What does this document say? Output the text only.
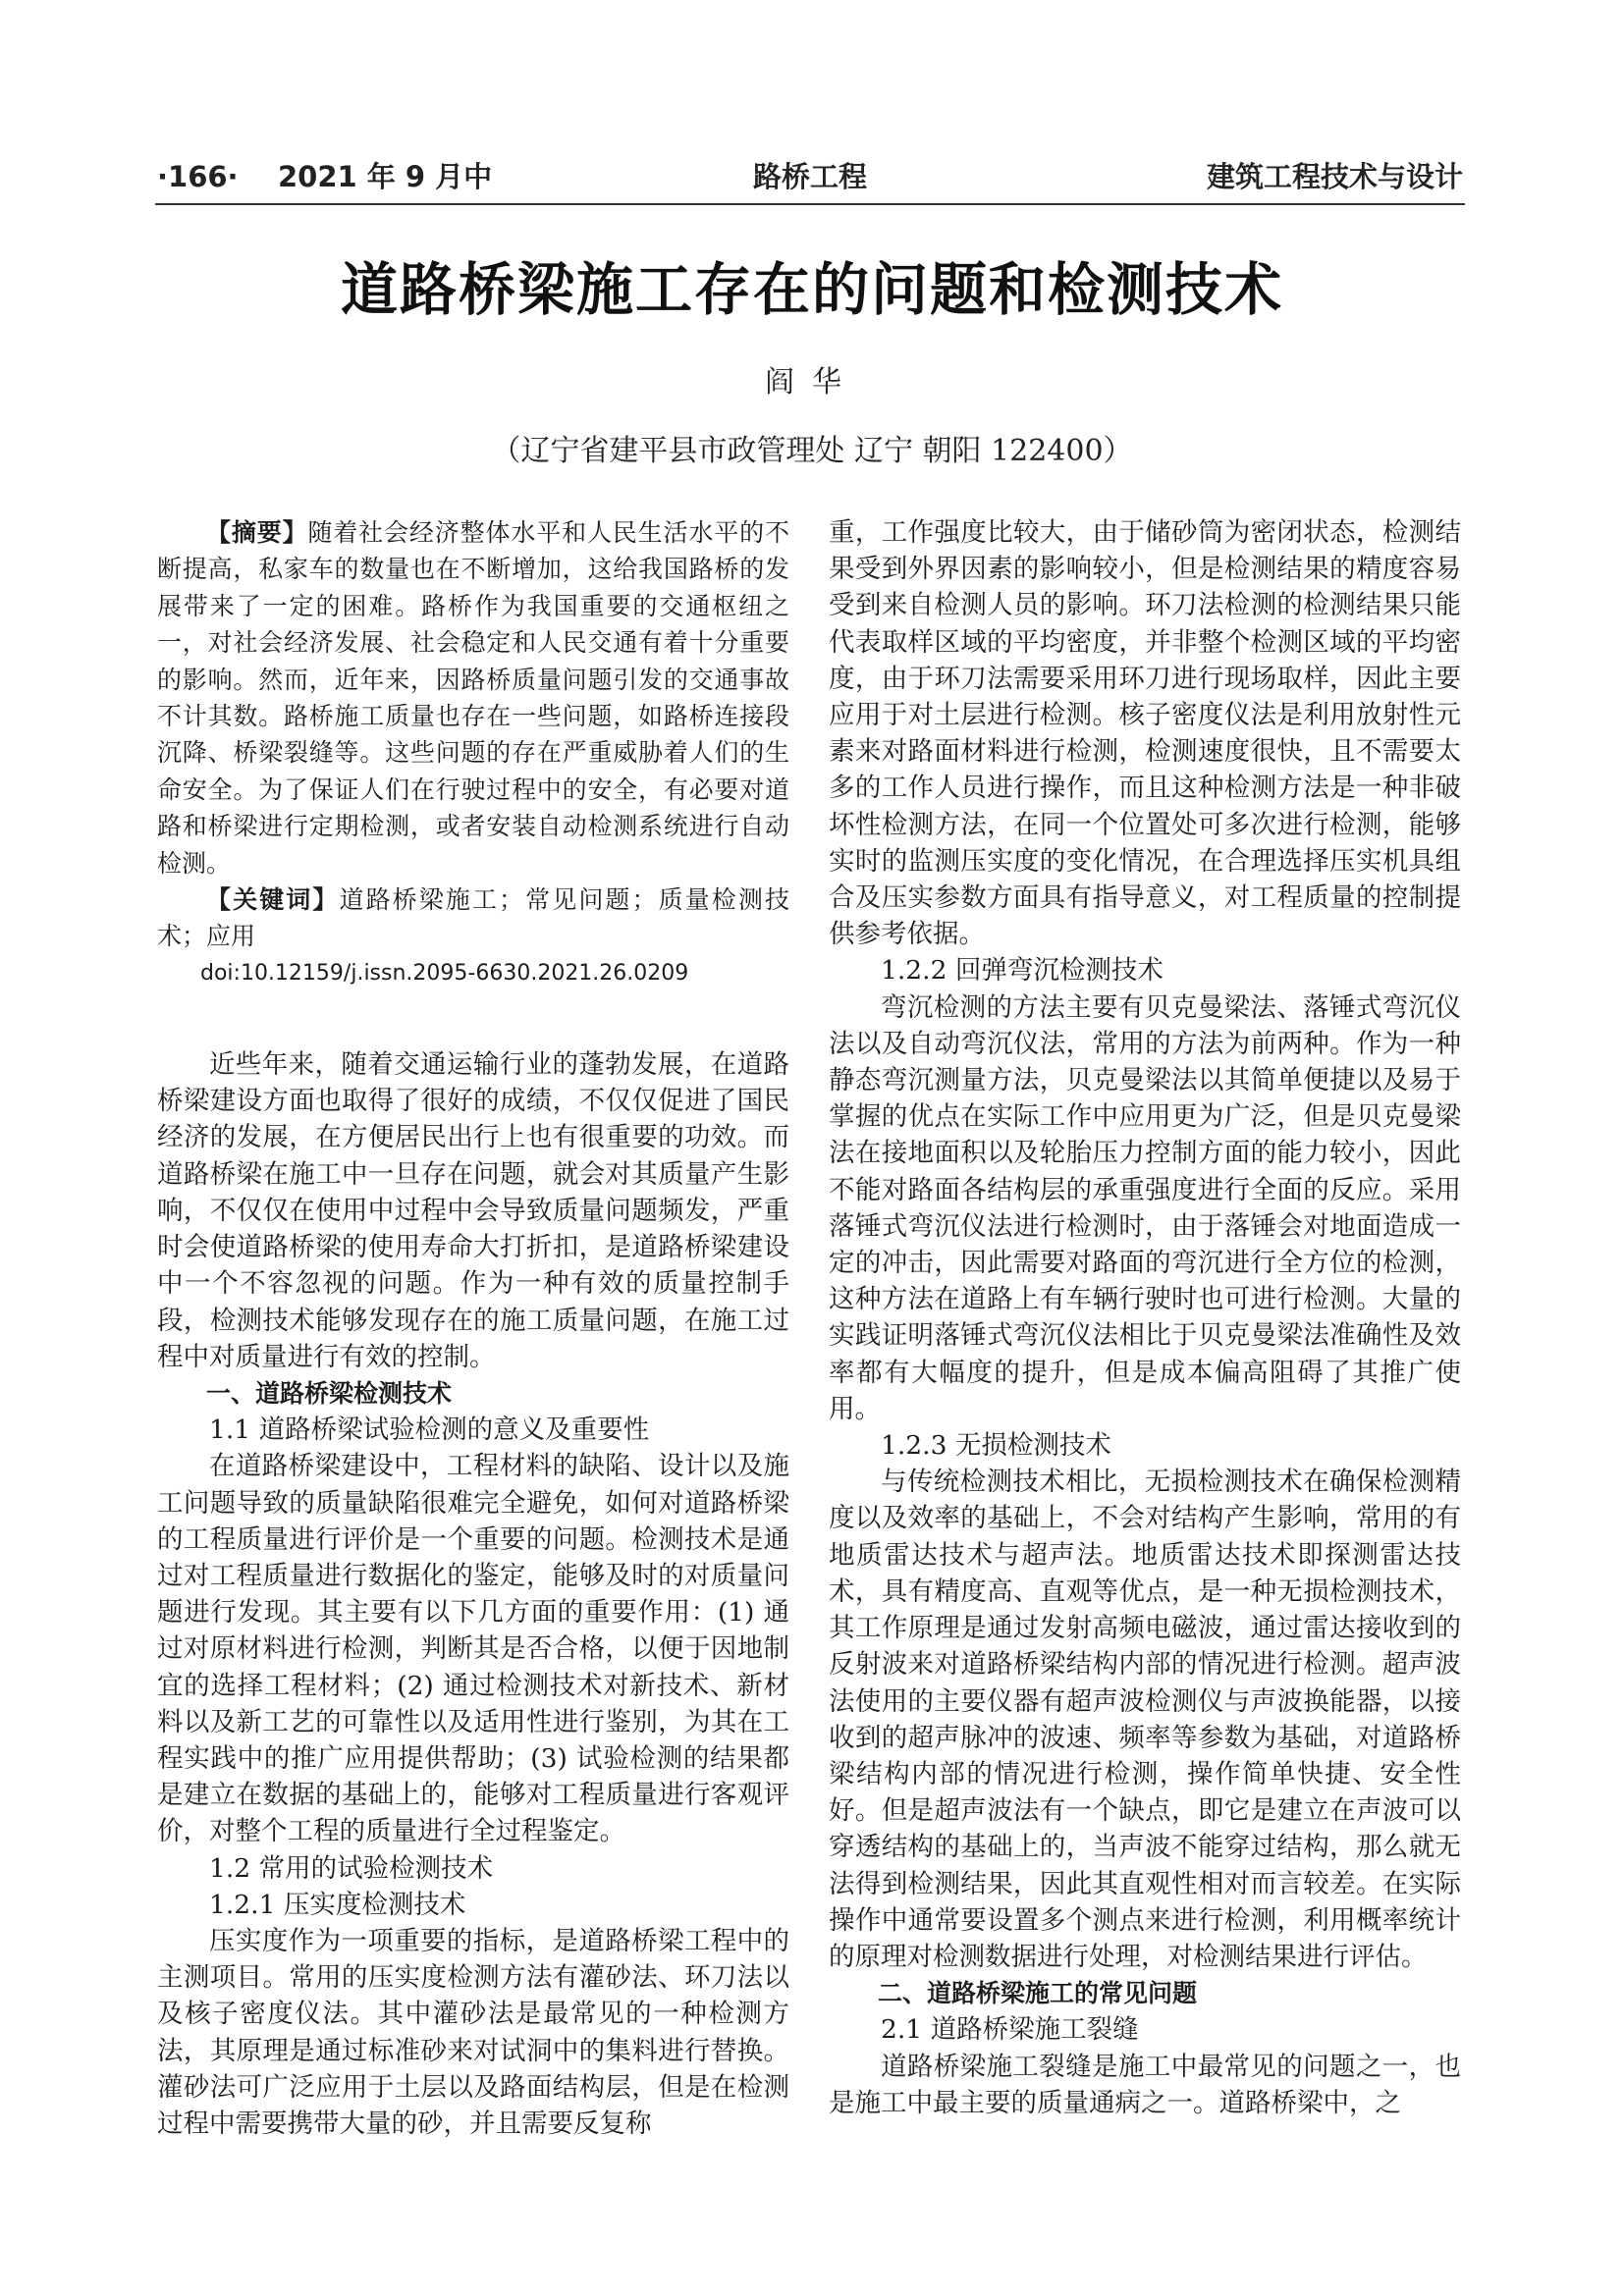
·166· 2021 年 9 月中	路桥工程	建筑工程技术与设计
道路桥梁施工存在的问题和检测技术
阎华
（辽宁省建平县市政管理处 辽宁 朝阳 122400）

【摘要】随着社会经济整体水平和人民生活水平的不断提高，私家车的数量也在不断增加，这给我国路桥的发展带来了一定的困难。路桥作为我国重要的交通枢纽之一，对社会经济发展、社会稳定和人民交通有着十分重要的影响。然而，近年来，因路桥质量问题引发的交通事故不计其数。路桥施工质量也存在一些问题，如路桥连接段沉降、桥梁裂缝等。这些问题的存在严重威胁着人们的生命安全。为了保证人们在行驶过程中的安全，有必要对道路和桥梁进行定期检测，或者安装自动检测系统进行自动检测。

【关键词】道路桥梁施工；常见问题；质量检测技术；应用

doi:10.12159/j.issn.2095-6630.2021.26.0209

近些年来，随着交通运输行业的蓬勃发展，在道路桥梁建设方面也取得了很好的成绩，不仅仅促进了国民经济的发展，在方便居民出行上也有很重要的功效。而道路桥梁在施工中一旦存在问题，就会对其质量产生影响，不仅仅在使用中过程中会导致质量问题频发，严重时会使道路桥梁的使用寿命大打折扣，是道路桥梁建设中一个不容忽视的问题。作为一种有效的质量控制手段，检测技术能够发现存在的施工质量问题，在施工过程中对质量进行有效的控制。

一、道路桥梁检测技术

1.1 道路桥梁试验检测的意义及重要性

在道路桥梁建设中，工程材料的缺陷、设计以及施工问题导致的质量缺陷很难完全避免，如何对道路桥梁的工程质量进行评价是一个重要的问题。检测技术是通过对工程质量进行数据化的鉴定，能够及时的对质量问题进行发现。其主要有以下几方面的重要作用：(1) 通过对原材料进行检测，判断其是否合格，以便于因地制宜的选择工程材料；(2) 通过检测技术对新技术、新材料以及新工艺的可靠性以及适用性进行鉴别，为其在工程实践中的推广应用提供帮助；(3) 试验检测的结果都是建立在数据的基础上的，能够对工程质量进行客观评价，对整个工程的质量进行全过程鉴定。

1.2 常用的试验检测技术

1.2.1 压实度检测技术

压实度作为一项重要的指标，是道路桥梁工程中的主测项目。常用的压实度检测方法有灌砂法、环刀法以及核子密度仪法。其中灌砂法是最常见的一种检测方法，其原理是通过标准砂来对试洞中的集料进行替换。灌砂法可广泛应用于土层以及路面结构层，但是在检测过程中需要携带大量的砂，并且需要反复称

重，工作强度比较大，由于储砂筒为密闭状态，检测结果受到外界因素的影响较小，但是检测结果的精度容易受到来自检测人员的影响。环刀法检测的检测结果只能代表取样区域的平均密度，并非整个检测区域的平均密度，由于环刀法需要采用环刀进行现场取样，因此主要应用于对土层进行检测。核子密度仪法是利用放射性元素来对路面材料进行检测，检测速度很快，且不需要太多的工作人员进行操作，而且这种检测方法是一种非破坏性检测方法，在同一个位置处可多次进行检测，能够实时的监测压实度的变化情况，在合理选择压实机具组合及压实参数方面具有指导意义，对工程质量的控制提供参考依据。

1.2.2 回弹弯沉检测技术

弯沉检测的方法主要有贝克曼梁法、落锤式弯沉仪法以及自动弯沉仪法，常用的方法为前两种。作为一种静态弯沉测量方法，贝克曼梁法以其简单便捷以及易于掌握的优点在实际工作中应用更为广泛，但是贝克曼梁法在接地面积以及轮胎压力控制方面的能力较小，因此不能对路面各结构层的承重强度进行全面的反应。采用落锤式弯沉仪法进行检测时，由于落锤会对地面造成一定的冲击，因此需要对路面的弯沉进行全方位的检测，这种方法在道路上有车辆行驶时也可进行检测。大量的实践证明落锤式弯沉仪法相比于贝克曼梁法准确性及效率都有大幅度的提升，但是成本偏高阻碍了其推广使用。

1.2.3 无损检测技术

与传统检测技术相比，无损检测技术在确保检测精度以及效率的基础上，不会对结构产生影响，常用的有地质雷达技术与超声法。地质雷达技术即探测雷达技术，具有精度高、直观等优点，是一种无损检测技术，其工作原理是通过发射高频电磁波，通过雷达接收到的反射波来对道路桥梁结构内部的情况进行检测。超声波法使用的主要仪器有超声波检测仪与声波换能器，以接收到的超声脉冲的波速、频率等参数为基础，对道路桥梁结构内部的情况进行检测，操作简单快捷、安全性好。但是超声波法有一个缺点，即它是建立在声波可以穿透结构的基础上的，当声波不能穿过结构，那么就无法得到检测结果，因此其直观性相对而言较差。在实际操作中通常要设置多个测点来进行检测，利用概率统计的原理对检测数据进行处理，对检测结果进行评估。

二、道路桥梁施工的常见问题

2.1 道路桥梁施工裂缝

道路桥梁施工裂缝是施工中最常见的问题之一，也是施工中最主要的质量通病之一。道路桥梁中，之
